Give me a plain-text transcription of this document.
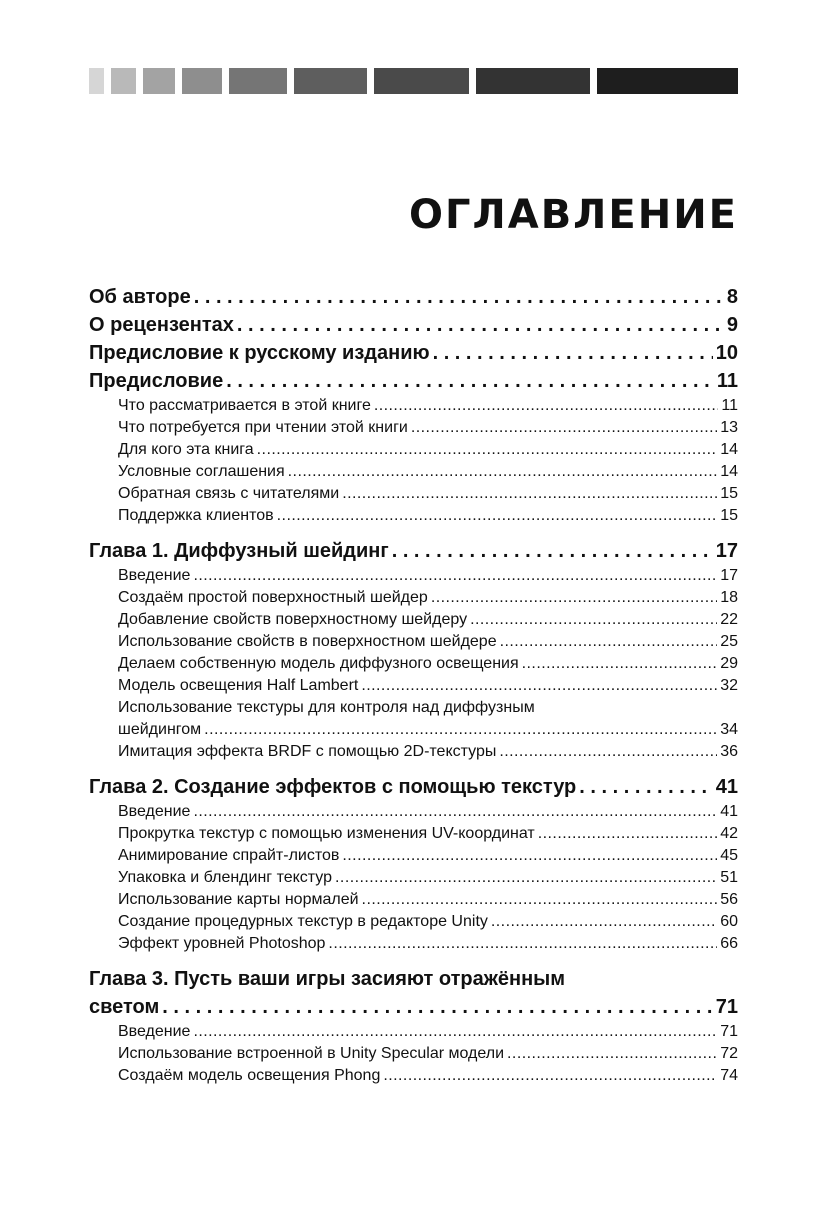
ОГЛАВЛЕНИЕ
Об авторе . . .	8
О рецензентах . . .	9
Предисловие к русскому изданию . . .	10
Предисловие . . .	11
Что рассматривается в этой книге . . .	11
Что потребуется при чтении этой книги . . .	13
Для кого эта книга . . .	14
Условные соглашения . . .	14
Обратная связь с читателями . . .	15
Поддержка клиентов . . .	15
Глава 1. Диффузный шейдинг . . .	17
Введение . . .	17
Создаём простой поверхностный шейдер . . .	18
Добавление свойств поверхностному шейдеру . . .	22
Использование свойств в поверхностном шейдере . . .	25
Делаем собственную модель диффузного освещения . . .	29
Модель освещения Half Lambert . . .	32
Использование текстуры для контроля над диффузным
шейдингом . . .	34
Имитация эффекта BRDF с помощью 2D-текстуры . . .	36
Глава 2. Создание эффектов с помощью текстур . . .	41
Введение . . .	41
Прокрутка текстур с помощью изменения UV-координат . . .	42
Анимирование спрайт-листов . . .	45
Упаковка и блендинг текстур . . .	51
Использование карты нормалей . . .	56
Создание процедурных текстур в редакторе Unity . . .	60
Эффект уровней Photoshop . . .	66
Глава 3. Пусть ваши игры засияют отражённым
светом . . .	71
Введение . . .	71
Использование встроенной в Unity Specular модели . . .	72
Создаём модель освещения Phong . . .	74
